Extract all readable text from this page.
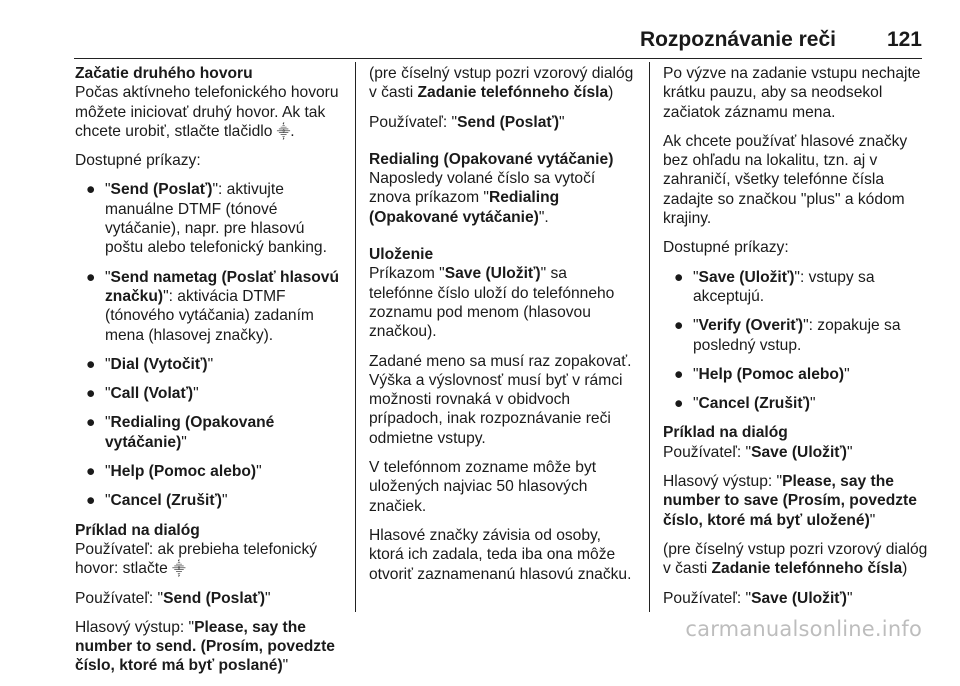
Rozpoznávanie reči 121

Začatie druhého hovoru

Počas aktívneho telefonického hovoru môžete iniciovať druhý hovor. Ak tak chcete urobiť, stlačte tlačidlo ⸎.

Dostupné príkazy:

● "Send (Poslať)": aktivujte manuálne DTMF (tónové vytáčanie), napr. pre hlasovú poštu alebo telefonický banking.
● "Send nametag (Poslať hlasovú značku)": aktivácia DTMF (tónového vytáčania) zadaním mena (hlasovej značky).
● "Dial (Vytočiť)"
● "Call (Volať)"
● "Redialing (Opakované vytáčanie)"
● "Help (Pomoc alebo)"
● "Cancel (Zrušiť)"

Príklad na dialóg

Používateľ: ak prebieha telefonický hovor: stlačte ⸎

Používateľ: "Send (Poslať)"

Hlasový výstup: "Please, say the number to send. (Prosím, povedzte číslo, ktoré má byť poslané)"

(pre číselný vstup pozri vzorový dialóg v časti Zadanie telefónneho čísla)

Používateľ: "Send (Poslať)"

Redialing (Opakované vytáčanie)

Naposledy volané číslo sa vytočí znova príkazom "Redialing (Opakované vytáčanie)".

Uloženie

Príkazom "Save (Uložiť)" sa telefónne číslo uloží do telefónneho zoznamu pod menom (hlasovou značkou).

Zadané meno sa musí raz zopakovať. Výška a výslovnosť musí byť v rámci možnosti rovnaká v obidvoch prípadoch, inak rozpoznávanie reči odmietne vstupy.

V telefónnom zozname môže byt uložených najviac 50 hlasových značiek.

Hlasové značky závisia od osoby, ktorá ich zadala, teda iba ona môže otvoriť zaznamenanú hlasovú značku.

Po výzve na zadanie vstupu nechajte krátku pauzu, aby sa neodsekol začiatok záznamu mena.

Ak chcete používať hlasové značky bez ohľadu na lokalitu, tzn. aj v zahraničí, všetky telefónne čísla zadajte so značkou "plus" a kódom krajiny.

Dostupné príkazy:

● "Save (Uložiť)": vstupy sa akceptujú.
● "Verify (Overiť)": zopakuje sa posledný vstup.
● "Help (Pomoc alebo)"
● "Cancel (Zrušiť)"

Príklad na dialóg

Používateľ: "Save (Uložiť)"

Hlasový výstup: "Please, say the number to save (Prosím, povedzte číslo, ktoré má byť uložené)"

(pre číselný vstup pozri vzorový dialóg v časti Zadanie telefónneho čísla)

Používateľ: "Save (Uložiť)"

carmanualsonline.info
